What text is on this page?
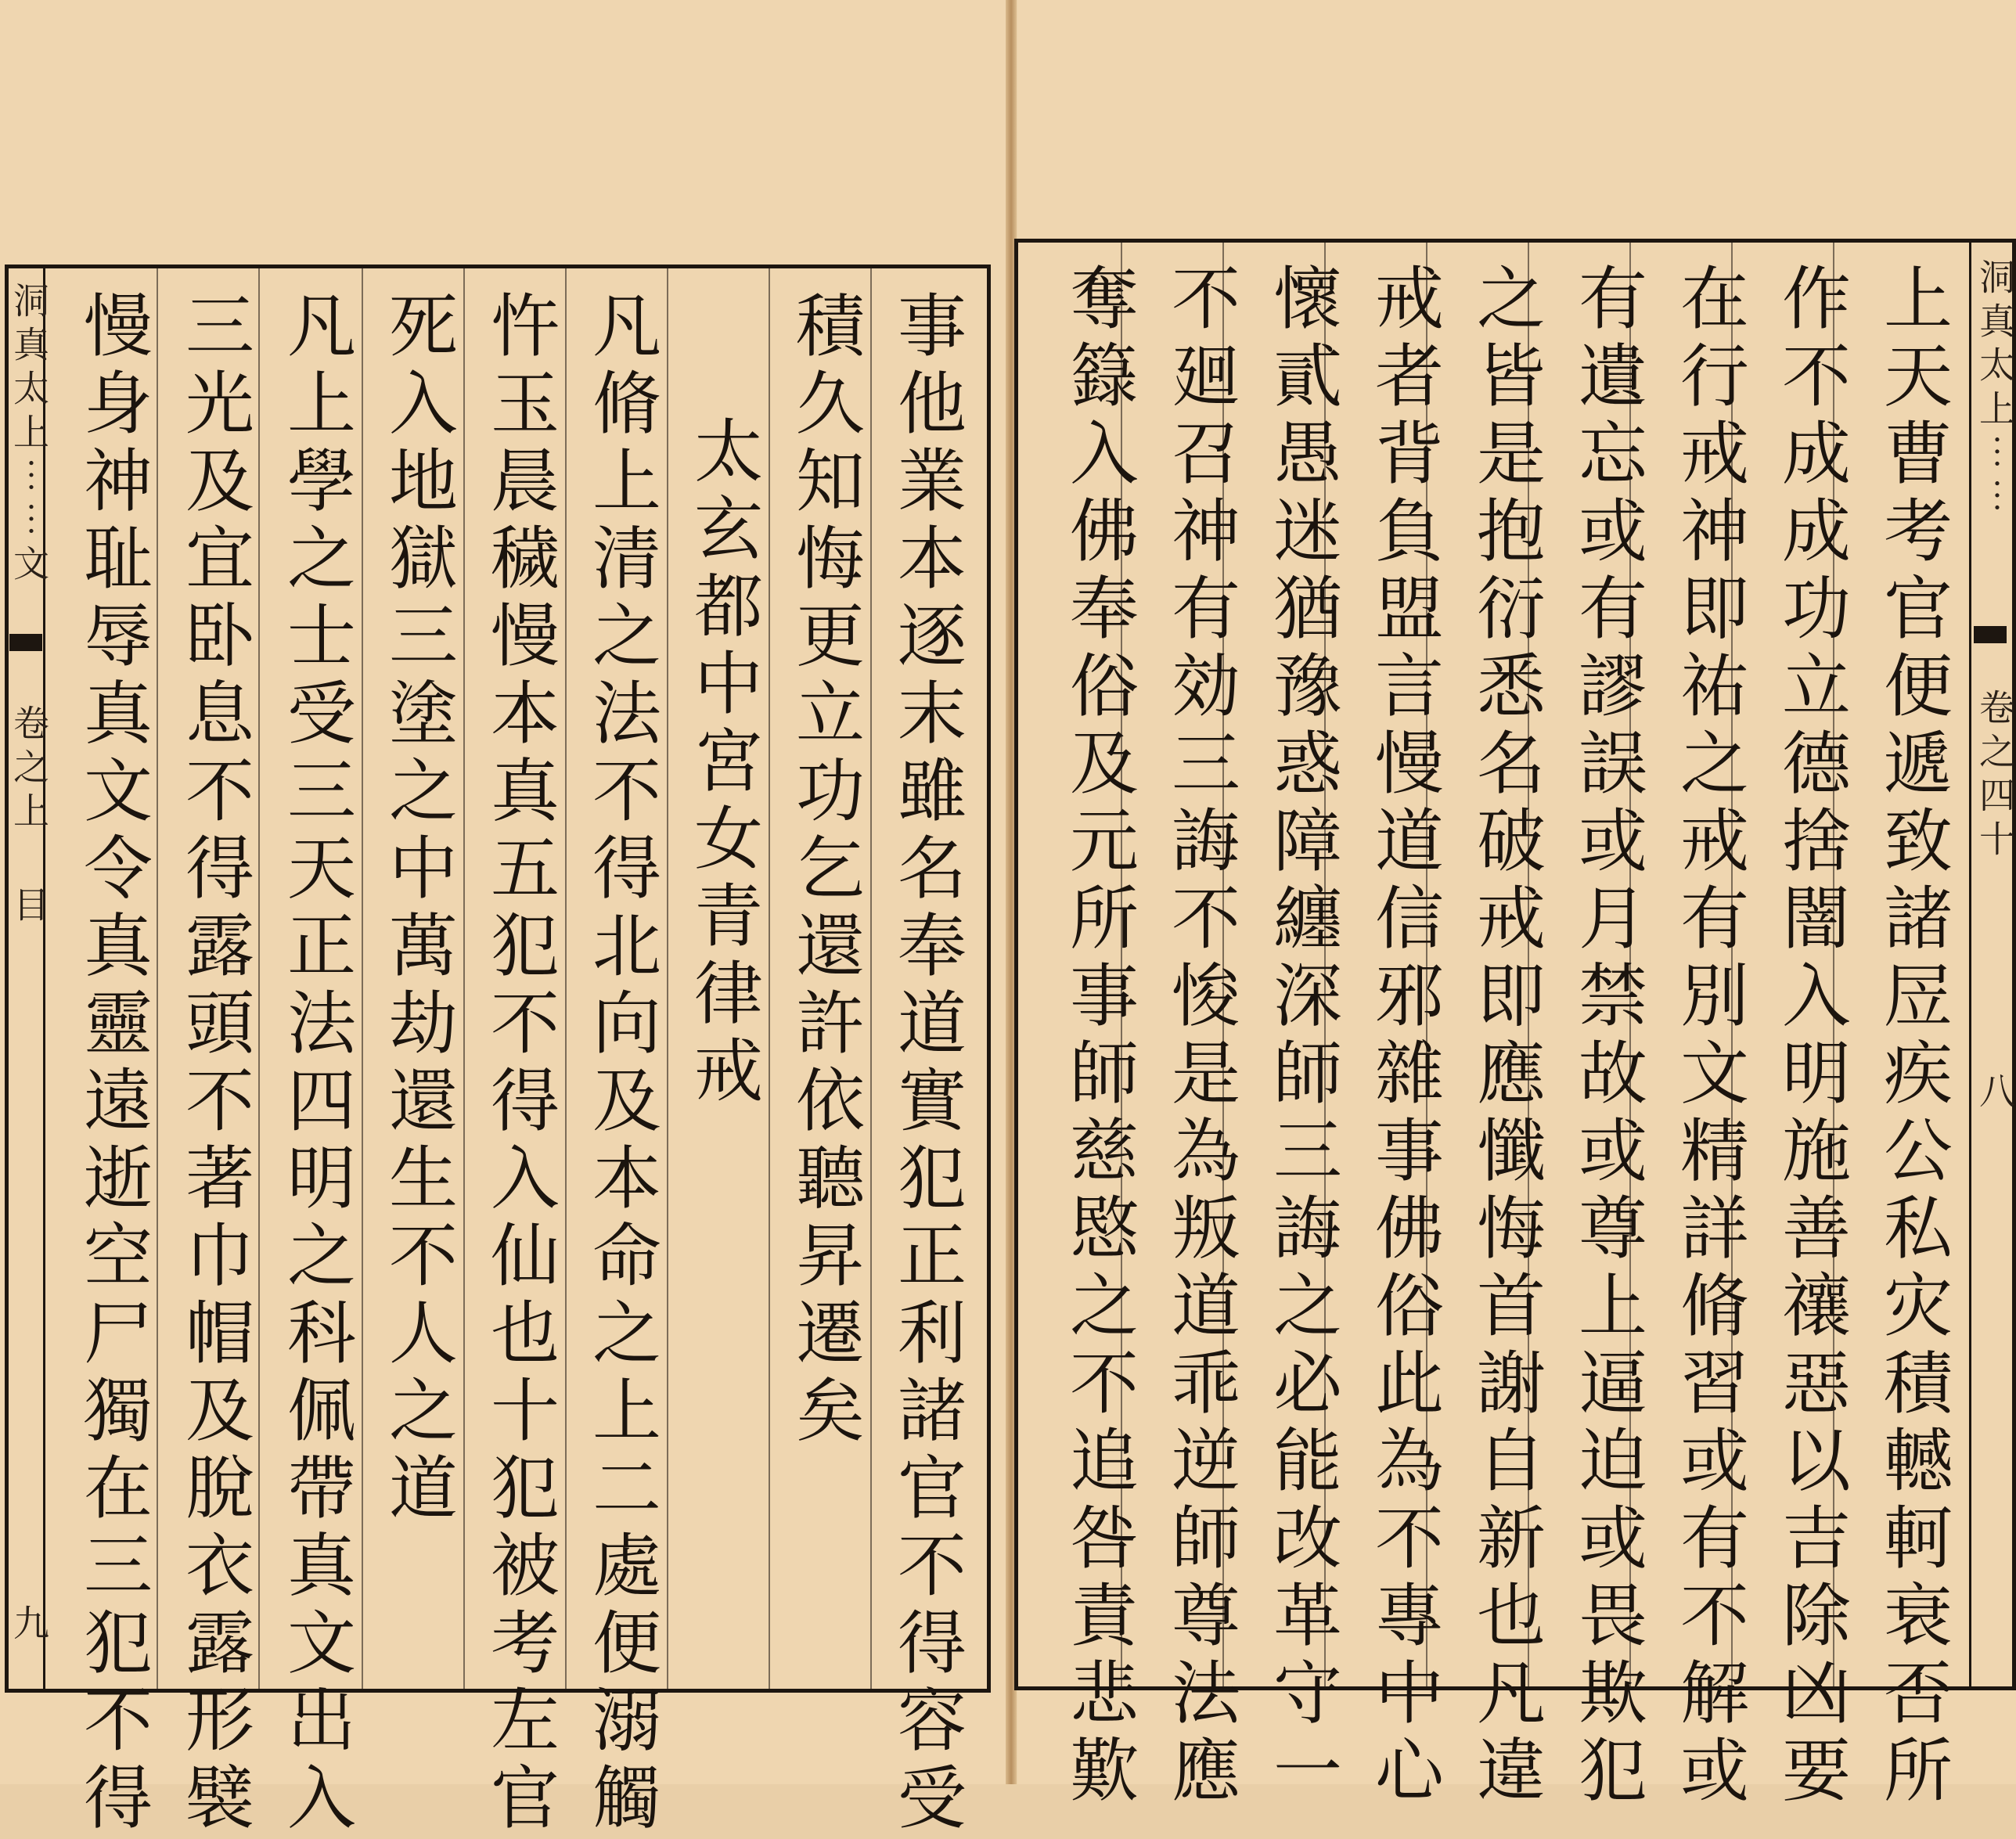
洞真太上⋯⋯文
卷之上 目
九	事他業本逐末雖名奉道實犯正利諸官不得容受
積久知悔更立功乞還許依聽昇遷矣
太玄都中宮女青律戒
凡脩上清之法不得北向及本命之上二處便溺觸
忤玉晨穢慢本真五犯不得入仙也十犯被考左官
死入地獄三塗之中萬劫還生不人之道
凡上學之士受三天正法四明之科佩帶真文出入
三光及宜卧息不得露頭不著巾帽及脫衣露形襞
慢身神耻辱真文令真靈遠逝空尸獨在三犯不得	洞真太上⋯⋯
卷之四十
八
上天曹考官便遞致諸㞐疾公私灾積轗軻衰否所
作不成成功立德捨闇入明施善禳惡以吉除凶要
在行戒神即祐之戒有別文精詳脩習或有不解或
有遺忘或有謬誤或月禁故或尊上逼迫或畏欺犯
之皆是抱衍悉名破戒即應懺悔首謝自新也凡違
戒者背負盟言慢道信邪雜事佛俗此為不專中心
懷貳愚迷猶豫惑障纏深師三誨之必能改革守一
不廻召神有効三誨不悛是為叛道乖逆師尊法應
奪籙入佛奉俗及元所事師慈愍之不追咎責悲歎
